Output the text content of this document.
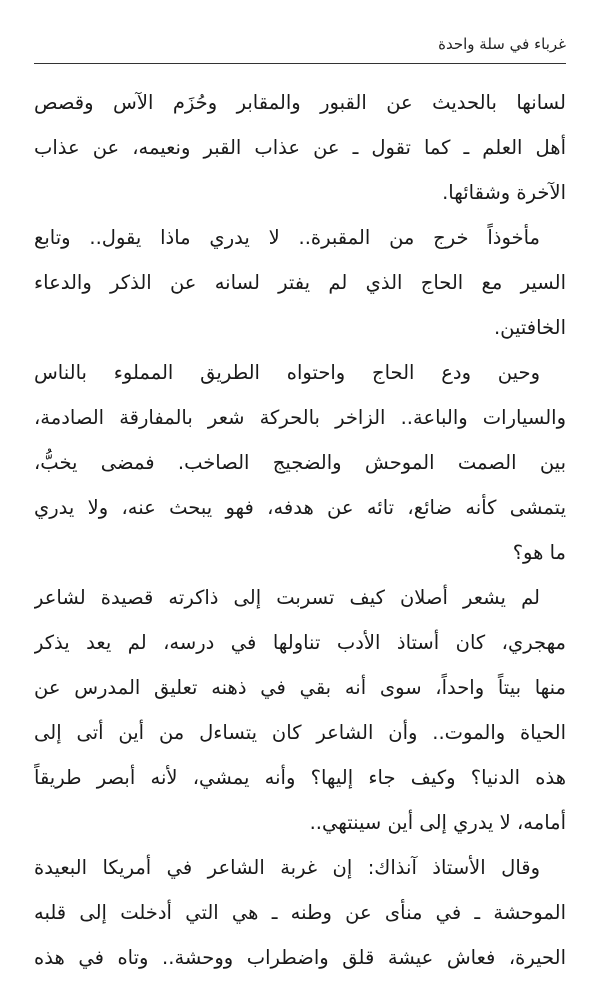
غرباء في سلة واحدة
لسانها بالحديث عن القبور والمقابر وحُزَم الآس وقصص
أهل العلم ـ كما تقول ـ عن عذاب القبر ونعيمه، عن عذاب
الآخرة وشقائها.
مأخوذاً خرج من المقبرة.. لا يدري ماذا يقول.. وتابع
السير مع الحاج الذي لم يفتر لسانه عن الذكر والدعاء
الخافتين.
وحين ودع الحاج واحتواه الطريق المملوء بالناس
والسيارات والباعة.. الزاخر بالحركة شعر بالمفارقة الصادمة،
بين الصمت الموحش والضجيج الصاخب. فمضى يخبُّ،
يتمشى كأنه ضائع، تائه عن هدفه، فهو يبحث عنه، ولا يدري
ما هو؟
لم يشعر أصلان كيف تسربت إلى ذاكرته قصيدة لشاعر
مهجري، كان أستاذ الأدب تناولها في درسه، لم يعد يذكر
منها بيتاً واحداً، سوى أنه بقي في ذهنه تعليق المدرس عن
الحياة والموت.. وأن الشاعر كان يتساءل من أين أتى إلى
هذه الدنيا؟ وكيف جاء إليها؟ وأنه يمشي، لأنه أبصر طريقاً
أمامه، لا يدري إلى أين سينتهي..
وقال الأستاذ آنذاك: إن غربة الشاعر في أمريكا البعيدة
الموحشة ـ في منأى عن وطنه ـ هي التي أدخلت إلى قلبه
الحيرة، فعاش عيشة قلق واضطراب ووحشة.. وتاه في هذه
